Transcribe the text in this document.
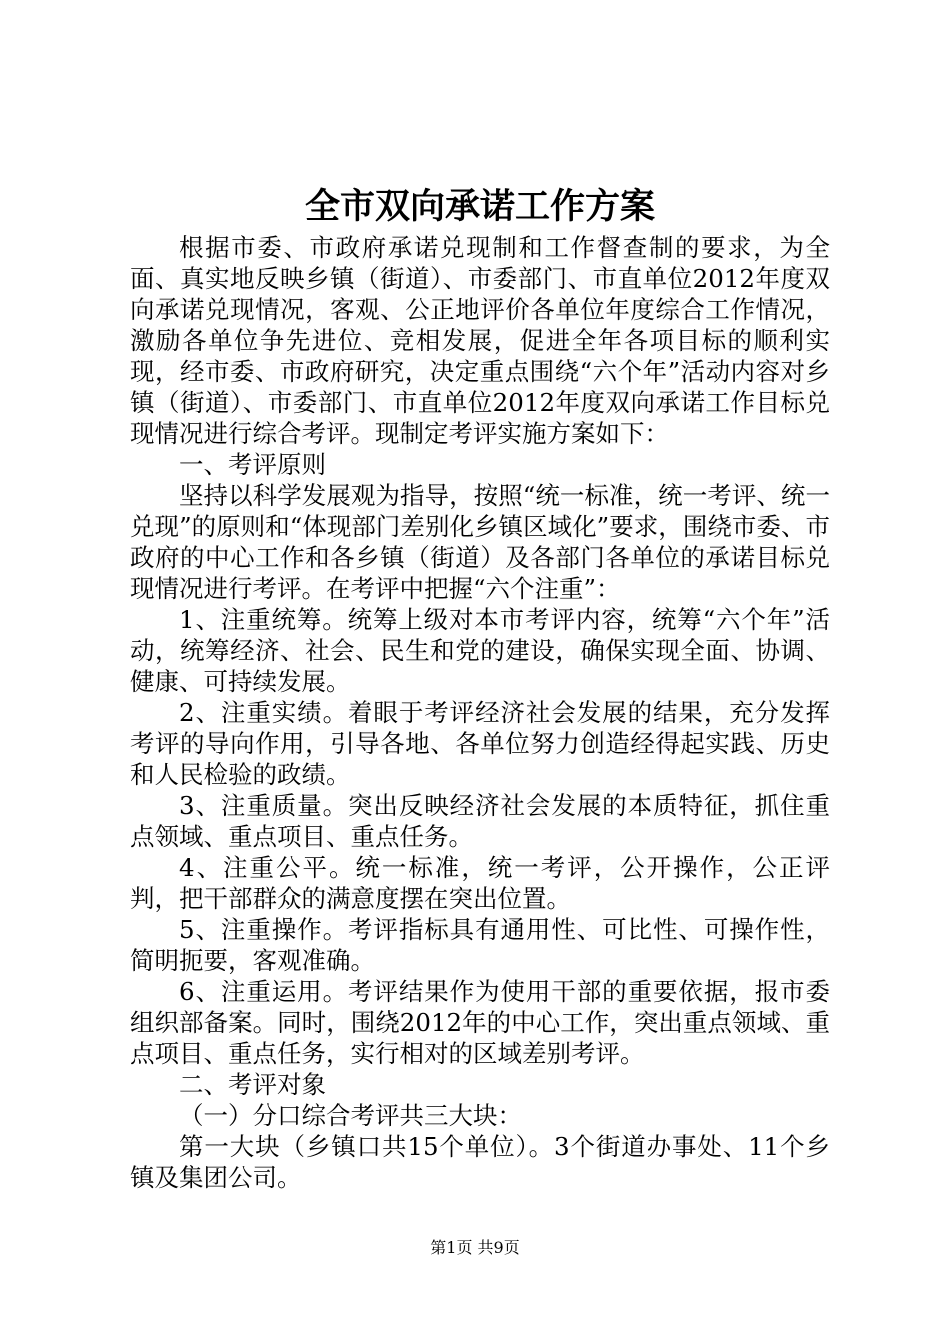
全市双向承诺工作方案

根据市委、市政府承诺兑现制和工作督查制的要求，为全面、真实地反映乡镇（街道）、市委部门、市直单位2012年度双向承诺兑现情况，客观、公正地评价各单位年度综合工作情况，激励各单位争先进位、竞相发展，促进全年各项目标的顺利实现，经市委、市政府研究，决定重点围绕“六个年”活动内容对乡镇（街道）、市委部门、市直单位2012年度双向承诺工作目标兑现情况进行综合考评。现制定考评实施方案如下：

一、考评原则

坚持以科学发展观为指导，按照“统一标准，统一考评、统一兑现”的原则和“体现部门差别化乡镇区域化”要求，围绕市委、市政府的中心工作和各乡镇（街道）及各部门各单位的承诺目标兑现情况进行考评。在考评中把握“六个注重”：

1、注重统筹。统筹上级对本市考评内容，统筹“六个年”活动，统筹经济、社会、民生和党的建设，确保实现全面、协调、健康、可持续发展。

2、注重实绩。着眼于考评经济社会发展的结果，充分发挥考评的导向作用，引导各地、各单位努力创造经得起实践、历史和人民检验的政绩。

3、注重质量。突出反映经济社会发展的本质特征，抓住重点领域、重点项目、重点任务。

4、注重公平。统一标准，统一考评，公开操作，公正评判，把干部群众的满意度摆在突出位置。

5、注重操作。考评指标具有通用性、可比性、可操作性，简明扼要，客观准确。

6、注重运用。考评结果作为使用干部的重要依据，报市委组织部备案。同时，围绕2012年的中心工作，突出重点领域、重点项目、重点任务，实行相对的区域差别考评。

二、考评对象

（一）分口综合考评共三大块：

第一大块（乡镇口共15个单位）。3个街道办事处、11个乡镇及集团公司。

第1页 共9页
